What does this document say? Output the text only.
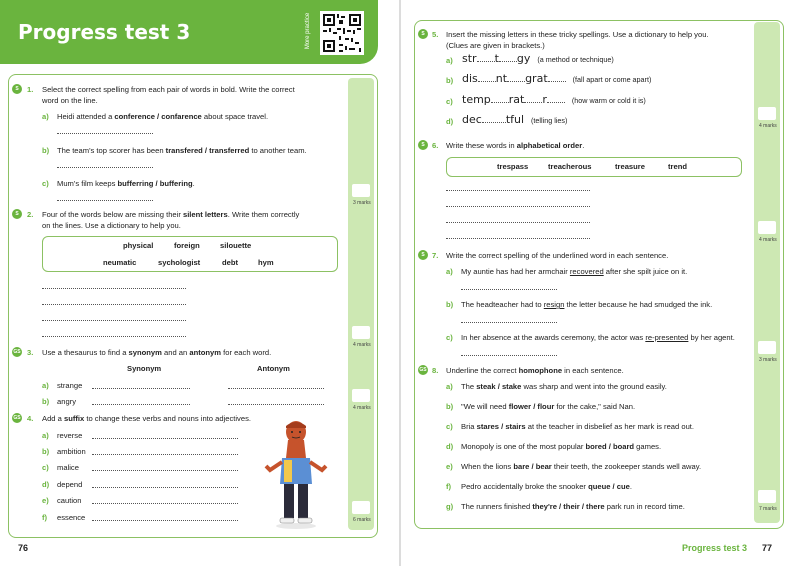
Progress test 3	More practice
S	1. Select the correct spelling from each pair of words in bold. Write the correct
word on the line.
a) Heidi attended a conference / confarence about space travel.
b) The team's top scorer has been transfered / transferred to another team.
c) Mum's film keeps bufferring / buffering.
3 marks
S	2. Four of the words below are missing their silent letters. Write them correctly
on the lines. Use a dictionary to help you.
physical	foreign	silouette
neumatic	sychologist	debt	hym
4 marks
GS 3. Use a thesaurus to find a synonym and an antonym for each word.
Synonym	Antonym
a) strange
b) angry
4 marks
GS 4. Add a suffix to change these verbs and nouns into adjectives.
a) reverse
b) ambition
c) malice
d) depend
e) caution
f) essence	6 marks
76
S 5. Insert the missing letters in these tricky spellings. Use a dictionary to help you.
(Clues are given in brackets.)
a) str t gy (a method or technique)
b) dis nt grat	(fall apart or come apart)
c) temp rat r	(how warm or cold it is)
d) dec tful (telling lies)
4 marks
S 6. Write these words in alphabetical order.
trespass	treacherous	treasure	trend
4 marks
S 7. Write the correct spelling of the underlined word in each sentence.
a) My auntie has had her armchair recovered after she spilt juice on it.
b) The headteacher had to resign the letter because he had smudged the ink.
c) In her absence at the awards ceremony, the actor was re-presented by her agent.
3 marks
GS 8. Underline the correct homophone in each sentence.
a) The steak / stake was sharp and went into the ground easily.
b) "We will need flower / flour for the cake," said Nan.
c) Bria stares / stairs at the teacher in disbelief as her mark is read out.
d) Monopoly is one of the most popular bored / board games.
e) When the lions bare / bear their teeth, the zookeeper stands well away.
f) Pedro accidentally broke the snooker queue / cue.
g) The runners finished they're / their / there park run in record time.	7 marks
Progress test 3 77
